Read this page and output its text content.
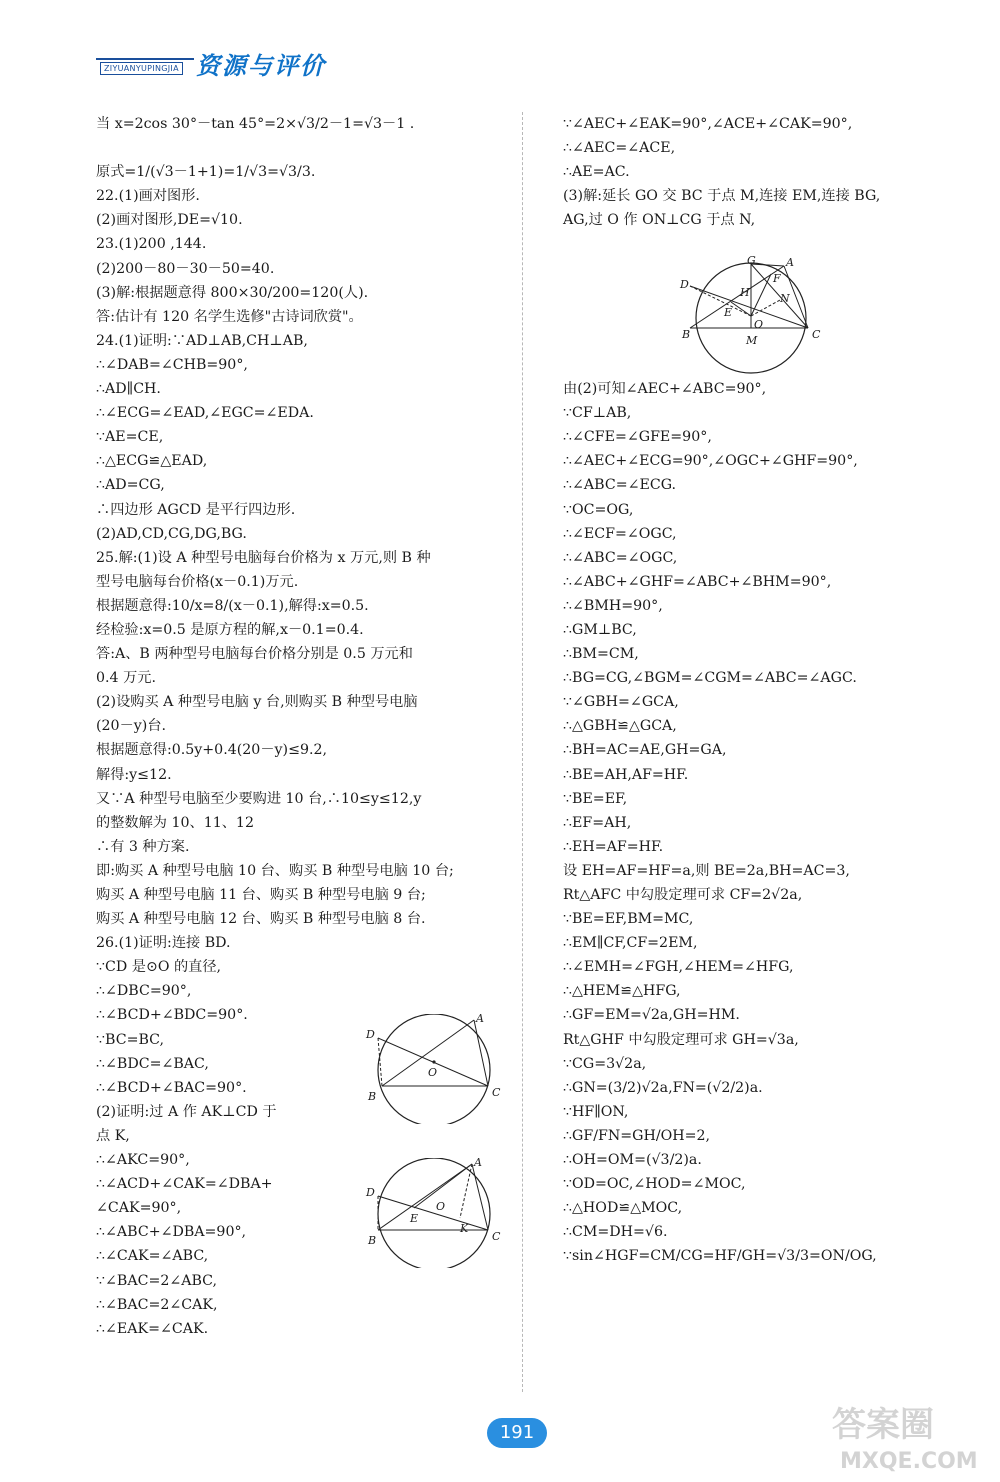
ZIYUANYUPINGJIA 资源与评价
当 x=2cos 30°－tan 45°=2×√3/2－1=√3－1 .
原式=1/(√3－1+1)=1/√3=√3/3.
22.(1)画对图形.
(2)画对图形,DE=√10.
23.(1)200 ,144.
(2)200－80－30－50=40.
(3)解:根据题意得 800×30/200=120(人).
答:估计有 120 名学生选修"古诗词欣赏"。
24.(1)证明:∵AD⊥AB,CH⊥AB,
∴∠DAB=∠CHB=90°,
∴AD∥CH.
∴∠ECG=∠EAD,∠EGC=∠EDA.
∵AE=CE,
∴△ECG≌△EAD,
∴AD=CG,
∴四边形 AGCD 是平行四边形.
(2)AD,CD,CG,DG,BG.
25.解:(1)设 A 种型号电脑每台价格为 x 万元,则 B 种
型号电脑每台价格(x－0.1)万元.
根据题意得:10/x=8/(x－0.1),解得:x=0.5.
经检验:x=0.5 是原方程的解,x－0.1=0.4.
答:A、B 两种型号电脑每台价格分别是 0.5 万元和
0.4 万元.
(2)设购买 A 种型号电脑 y 台,则购买 B 种型号电脑
(20－y)台.
根据题意得:0.5y+0.4(20－y)≤9.2,
解得:y≤12.
又∵A 种型号电脑至少要购进 10 台,∴10≤y≤12,y
的整数解为 10、11、12
∴有 3 种方案.
即:购买 A 种型号电脑 10 台、购买 B 种型号电脑 10 台;
购买 A 种型号电脑 11 台、购买 B 种型号电脑 9 台;
购买 A 种型号电脑 12 台、购买 B 种型号电脑 8 台.
26.(1)证明:连接 BD.
∵CD 是⊙O 的直径,
∴∠DBC=90°,
∴∠BCD+∠BDC=90°.
∵BC=BC,
∴∠BDC=∠BAC,
∴∠BCD+∠BAC=90°.
(2)证明:过 A 作 AK⊥CD 于
点 K,
∴∠AKC=90°,
∴∠ACD+∠CAK=∠DBA+
∠CAK=90°,
∴∠ABC+∠DBA=90°,
∴∠CAK=∠ABC,
∵∠BAC=2∠ABC,
∴∠BAC=2∠CAK,
∴∠EAK=∠CAK.
∵∠AEC+∠EAK=90°,∠ACE+∠CAK=90°,
∴∠AEC=∠ACE,
∴AE=AC.
(3)解:延长 GO 交 BC 于点 M,连接 EM,连接 BG,
AG,过 O 作 ON⊥CG 于点 N,
由(2)可知∠AEC+∠ABC=90°,
∵CF⊥AB,
∴∠CFE=∠GFE=90°,
∴∠AEC+∠ECG=90°,∠OGC+∠GHF=90°,
∴∠ABC=∠ECG.
∵OC=OG,
∴∠ECF=∠OGC,
∴∠ABC=∠OGC,
∴∠ABC+∠GHF=∠ABC+∠BHM=90°,
∴∠BMH=90°,
∴GM⊥BC,
∴BM=CM,
∴BG=CG,∠BGM=∠CGM=∠ABC=∠AGC.
∵∠GBH=∠GCA,
∴△GBH≌△GCA,
∴BH=AC=AE,GH=GA,
∴BE=AH,AF=HF.
∵BE=EF,
∴EF=AH,
∴EH=AF=HF.
设 EH=AF=HF=a,则 BE=2a,BH=AC=3,
Rt△AFC 中勾股定理可求 CF=2√2a,
∵BE=EF,BM=MC,
∴EM∥CF,CF=2EM,
∴∠EMH=∠FGH,∠HEM=∠HFG,
∴△HEM≌△HFG,
∴GF=EM=√2a,GH=HM.
Rt△GHF 中勾股定理可求 GH=√3a,
∵CG=3√2a,
∴GN=(3/2)√2a,FN=(√2/2)a.
∵HF∥ON,
∴GF/FN=GH/OH=2,
∴OH=OM=(√3/2)a.
∵OD=OC,∠HOD=∠MOC,
∴△HOD≌△MOC,
∴CM=DH=√6.
∵sin∠HGF=CM/CG=HF/GH=√3/3=ON/OG,
G	A
D
H
F
N
E
O
B	M	C
A
D
O
B	C
A
D
E
O
K
B	C
191	答案圈
MXQE.COM
